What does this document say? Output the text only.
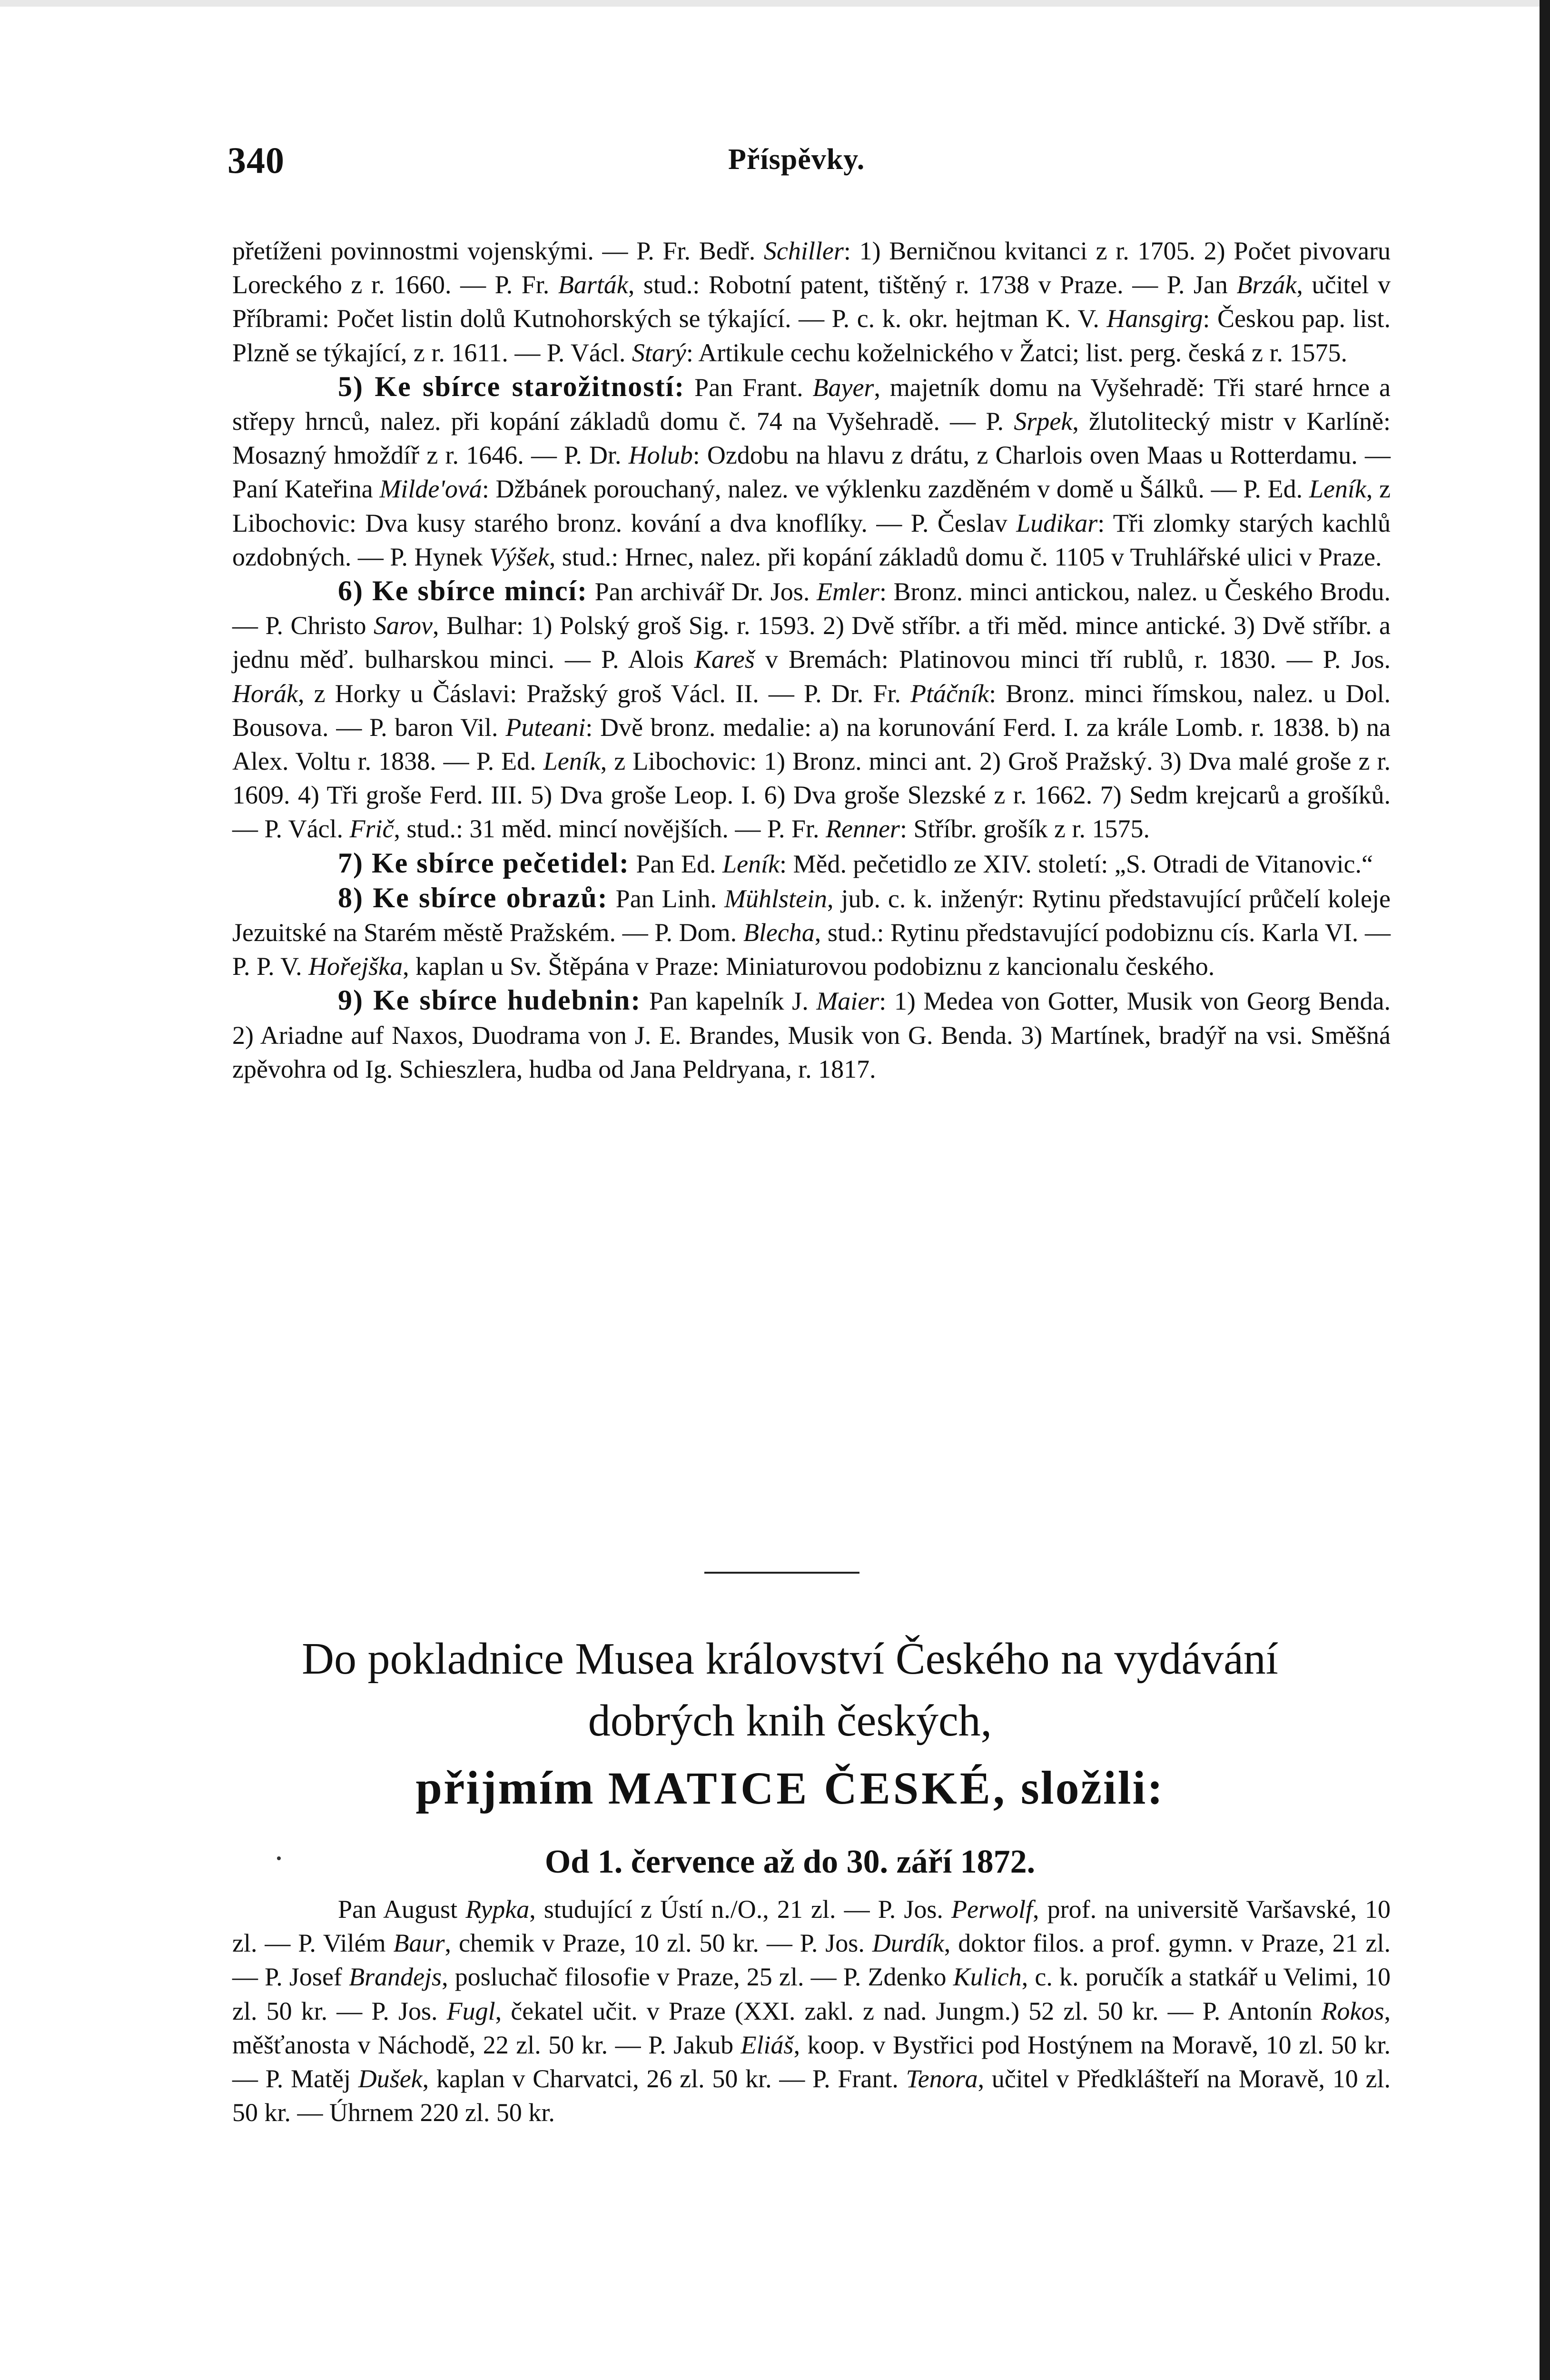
340	Příspěvky.

přetíženi povinnostmi vojenskými. — P. Fr. Bedř. Schiller: 1) Berničnou kvitanci z r. 1705. 2) Počet pivovaru Loreckého z r. 1660. — P. Fr. Barták, stud.: Robotní patent, tištěný r. 1738 v Praze. — P. Jan Brzák, učitel v Příbrami: Počet listin dolů Kutnohorských se týkající. — P. c. k. okr. hejtman K. V. Hansgirg: Českou pap. list. Plzně se týkající, z r. 1611. — P. Václ. Starý: Artikule cechu koželnického v Žatci; list. perg. česká z r. 1575.

5) Ke sbírce starožitností: Pan Frant. Bayer, majetník domu na Vyšehradě: Tři staré hrnce a střepy hrnců, nalez. při kopání základů domu č. 74 na Vyšehradě. — P. Srpek, žlutolitecký mistr v Karlíně: Mosazný hmoždíř z r. 1646. — P. Dr. Holub: Ozdobu na hlavu z drátu, z Charlois oven Maas u Rotterdamu. — Paní Kateřina Milde'ová: Džbánek porouchaný, nalez. ve výklenku zazděném v domě u Šálků. — P. Ed. Leník, z Libochovic: Dva kusy starého bronz. kování a dva knoflíky. — P. Česlav Ludikar: Tři zlomky starých kachlů ozdobných. — P. Hynek Výšek, stud.: Hrnec, nalez. při kopání základů domu č. 1105 v Truhlářské ulici v Praze.

6) Ke sbírce mincí: Pan archivář Dr. Jos. Emler: Bronz. minci antickou, nalez. u Českého Brodu. — P. Christo Sarov, Bulhar: 1) Polský groš Sig. r. 1593. 2) Dvě stříbr. a tři měd. mince antické. 3) Dvě stříbr. a jednu měď. bulharskou minci. — P. Alois Kareš v Bremách: Platinovou minci tří rublů, r. 1830. — P. Jos. Horák, z Horky u Čáslavi: Pražský groš Václ. II. — P. Dr. Fr. Ptáčník: Bronz. minci římskou, nalez. u Dol. Bousova. — P. baron Vil. Puteani: Dvě bronz. medalie: a) na korunování Ferd. I. za krále Lomb. r. 1838. b) na Alex. Voltu r. 1838. — P. Ed. Leník, z Libochovic: 1) Bronz. minci ant. 2) Groš Pražský. 3) Dva malé groše z r. 1609. 4) Tři groše Ferd. III. 5) Dva groše Leop. I. 6) Dva groše Slezské z r. 1662. 7) Sedm krejcarů a grošíků. — P. Václ. Frič, stud.: 31 měd. mincí novějších. — P. Fr. Renner: Stříbr. grošík z r. 1575.

7) Ke sbírce pečetidel: Pan Ed. Leník: Měd. pečetidlo ze XIV. století: „S. Otradi de Vitanovic.“

8) Ke sbírce obrazů: Pan Linh. Mühlstein, jub. c. k. inženýr: Rytinu představující průčelí koleje Jezuitské na Starém městě Pražském. — P. Dom. Blecha, stud.: Rytinu představující podobiznu cís. Karla VI. — P. P. V. Hořejška, kaplan u Sv. Štěpána v Praze: Miniaturovou podobiznu z kancionalu českého.

9) Ke sbírce hudebnin: Pan kapelník J. Maier: 1) Medea von Gotter, Musik von Georg Benda. 2) Ariadne auf Naxos, Duodrama von J. E. Brandes, Musik von G. Benda. 3) Martínek, bradýř na vsi. Směšná zpěvohra od Ig. Schieszlera, hudba od Jana Peldryana, r. 1817.

Do pokladnice Musea království Českého na vydávání
dobrých knih českých,
přijmím MATICE ČESKÉ, složili:
Od 1. července až do 30. září 1872.

Pan August Rypka, studující z Ústí n./O., 21 zl. — P. Jos. Perwolf, prof. na universitě Varšavské, 10 zl. — P. Vilém Baur, chemik v Praze, 10 zl. 50 kr. — P. Jos. Durdík, doktor filos. a prof. gymn. v Praze, 21 zl. — P. Josef Brandejs, posluchač filosofie v Praze, 25 zl. — P. Zdenko Kulich, c. k. poručík a statkář u Velimi, 10 zl. 50 kr. — P. Jos. Fugl, čekatel učit. v Praze (XXI. zakl. z nad. Jungm.) 52 zl. 50 kr. — P. Antonín Rokos, měšťanosta v Náchodě, 22 zl. 50 kr. — P. Jakub Eliáš, koop. v Bystřici pod Hostýnem na Moravě, 10 zl. 50 kr. — P. Matěj Dušek, kaplan v Charvatci, 26 zl. 50 kr. — P. Frant. Tenora, učitel v Předklášteří na Moravě, 10 zl. 50 kr. — Úhrnem 220 zl. 50 kr.
